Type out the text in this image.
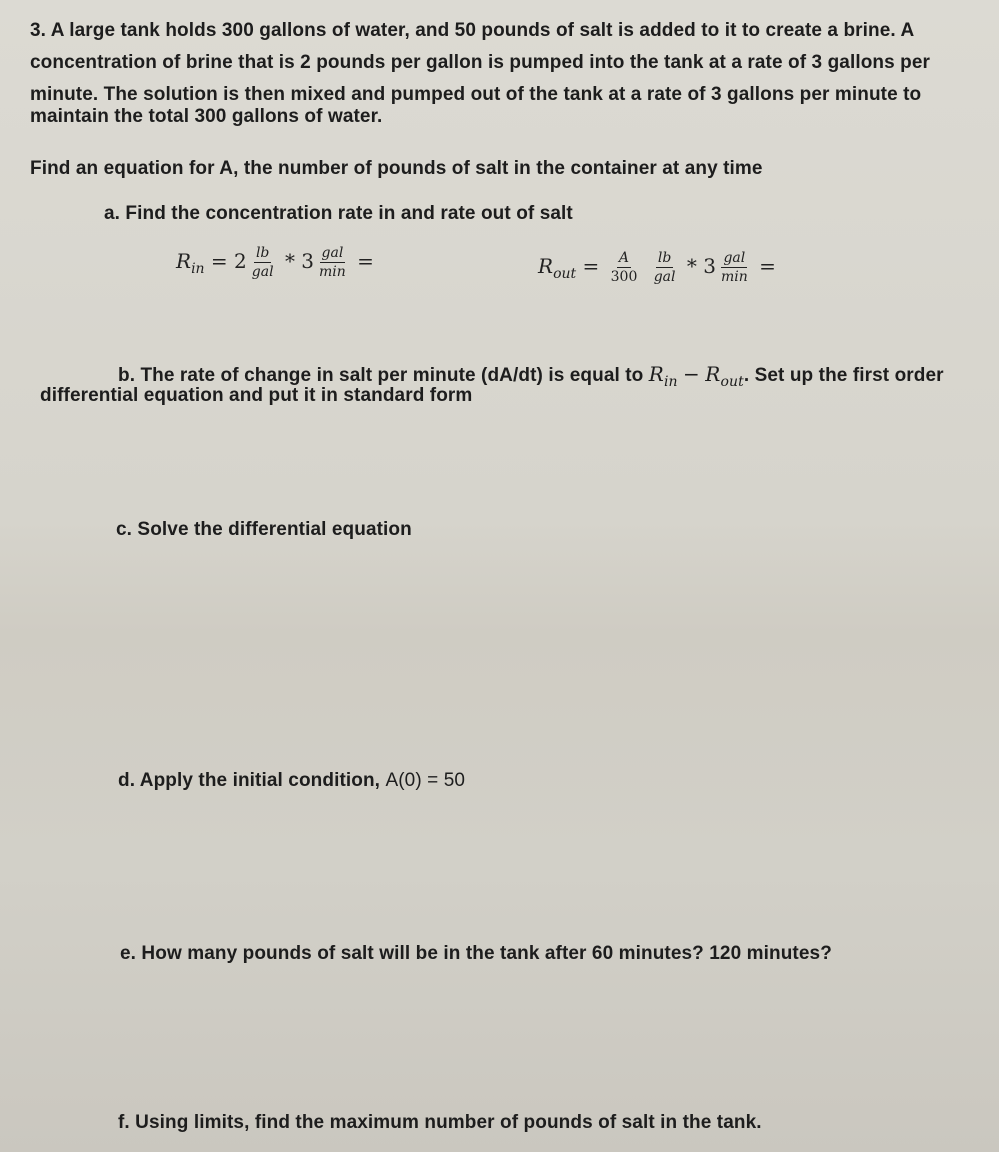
3. A large tank holds 300 gallons of water, and 50 pounds of salt is added to it to create a brine. A
concentration of brine that is 2 pounds per gallon is pumped into the tank at a rate of 3 gallons per
minute. The solution is then mixed and pumped out of the tank at a rate of 3 gallons per minute to
maintain the total 300 gallons of water.
Find an equation for A, the number of pounds of salt in the container at any time
a. Find the concentration rate in and rate out of salt
$R_{in} = 2 \frac{lb}{\text{gal}} * 3 \frac{\text{gal}}{\min}$ =	$R_{out} = \frac{A}{300}$
$\frac{lb}{\text{gal}} * 3 \frac{\text{gal}}{\min}$ =
b. The rate of change in salt per minute (dA/dt) is equal to $R_{in} - R_{out}$. Set up the first order
differential equation and put it in standard form
c. Solve the differential equation
d. Apply the initial condition, A(0) = 50
e. How many pounds of salt will be in the tank after 60 minutes? 120 minutes?
f. Using limits, find the maximum number of pounds of salt in the tank.
